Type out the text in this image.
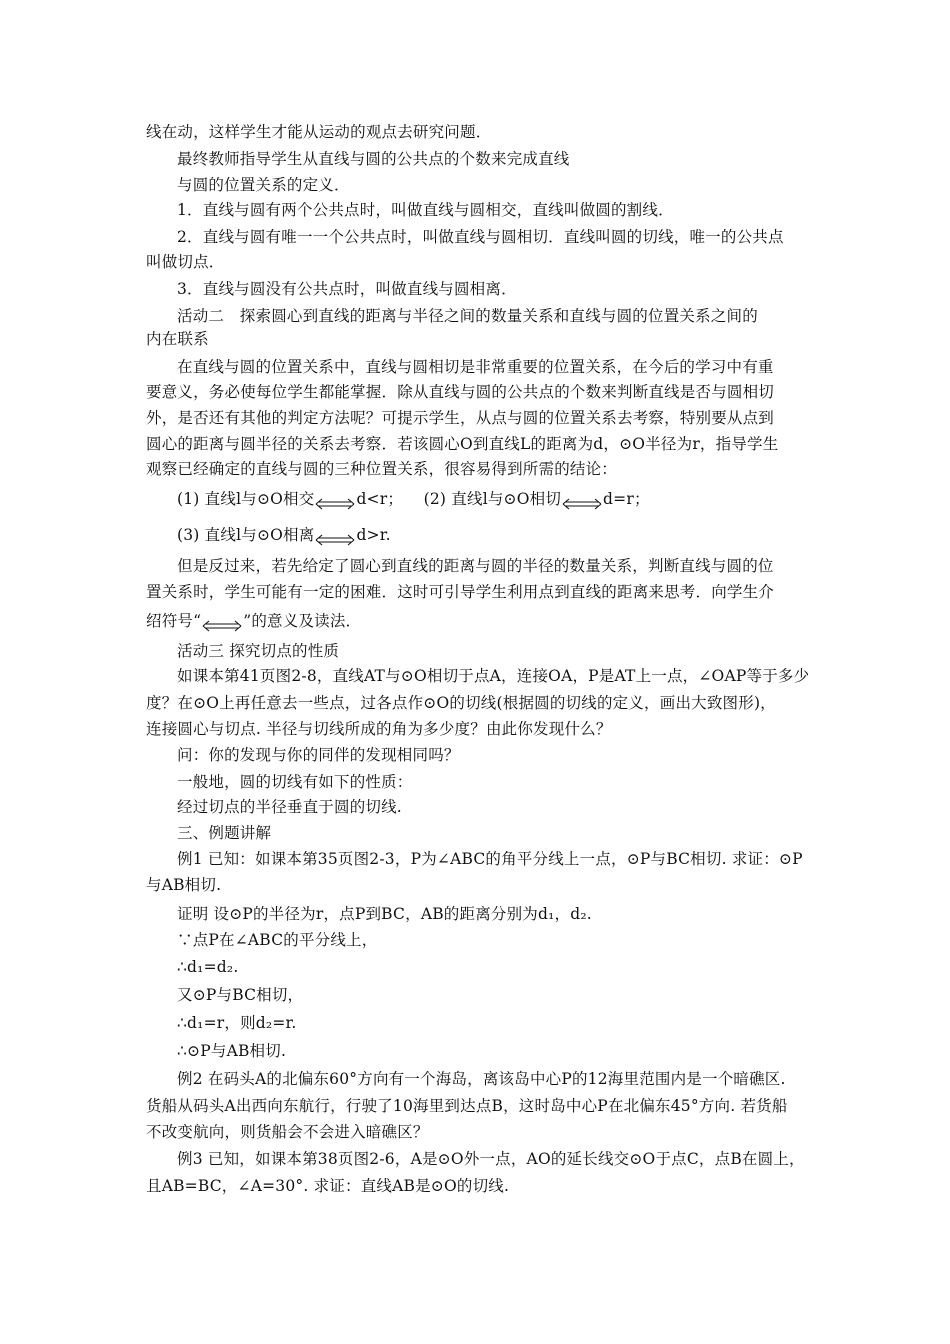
线在动，这样学生才能从运动的观点去研究问题．
最终教师指导学生从直线与圆的公共点的个数来完成直线
与圆的位置关系的定义．
1．直线与圆有两个公共点时，叫做直线与圆相交，直线叫做圆的割线．
2．直线与圆有唯一一个公共点时，叫做直线与圆相切．直线叫圆的切线，唯一的公共点
叫做切点．
3．直线与圆没有公共点时，叫做直线与圆相离．
活动二　探索圆心到直线的距离与半径之间的数量关系和直线与圆的位置关系之间的
内在联系
在直线与圆的位置关系中，直线与圆相切是非常重要的位置关系，在今后的学习中有重
要意义，务必使每位学生都能掌握．除从直线与圆的公共点的个数来判断直线是否与圆相切
外，是否还有其他的判定方法呢？可提示学生，从点与圆的位置关系去考察，特别要从点到
圆心的距离与圆半径的关系去考察．若该圆心O到直线L的距离为d，⊙O半径为r，指导学生
观察已经确定的直线与圆的三种位置关系，很容易得到所需的结论：
(1) 直线l与⊙O相交	d<r； (2) 直线l与⊙O相切	d=r；
(3) 直线l与⊙O相离	d>r.
但是反过来，若先给定了圆心到直线的距离与圆的半径的数量关系，判断直线与圆的位
置关系时，学生可能有一定的困难．这时可引导学生利用点到直线的距离来思考．向学生介
绍符号“	”的意义及读法．
活动三 探究切点的性质
如课本第41页图2-8，直线AT与⊙O相切于点A，连接OA，P是AT上一点，∠OAP等于多少
度？在⊙O上再任意去一些点，过各点作⊙O的切线(根据圆的切线的定义，画出大致图形)，
连接圆心与切点. 半径与切线所成的角为多少度？由此你发现什么？
问：你的发现与你的同伴的发现相同吗？
一般地，圆的切线有如下的性质：
经过切点的半径垂直于圆的切线.
三、例题讲解
例1 已知：如课本第35页图2-3，P为∠ABC的角平分线上一点，⊙P与BC相切. 求证：⊙P
与AB相切.
证明 设⊙P的半径为r，点P到BC，AB的距离分别为d₁，d₂.
∵点P在∠ABC的平分线上，
∴d₁=d₂.
又⊙P与BC相切，
∴d₁=r，则d₂=r.
∴⊙P与AB相切.
例2 在码头A的北偏东60°方向有一个海岛，离该岛中心P的12海里范围内是一个暗礁区.
货船从码头A出西向东航行，行驶了10海里到达点B，这时岛中心P在北偏东45°方向. 若货船
不改变航向，则货船会不会进入暗礁区？
例3 已知，如课本第38页图2-6，A是⊙O外一点，AO的延长线交⊙O于点C，点B在圆上，
且AB=BC，∠A=30°. 求证：直线AB是⊙O的切线.
